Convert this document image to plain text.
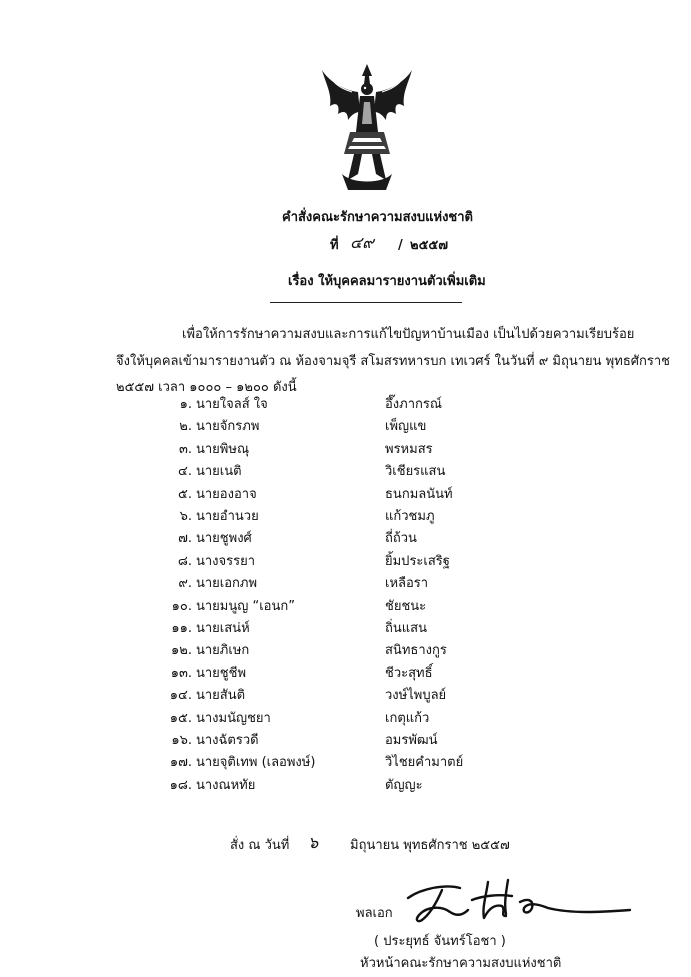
คำสั่งคณะรักษาความสงบแห่งชาติ
ที่ ๔๙ / ๒๕๕๗
เรื่อง ให้บุคคลมารายงานตัวเพิ่มเติม
เพื่อให้การรักษาความสงบและการแก้ไขปัญหาบ้านเมือง เป็นไปด้วยความเรียบร้อย
จึงให้บุคคลเข้ามารายงานตัว ณ ห้องจามจุรี สโมสรทหารบก เทเวศร์ ในวันที่ ๙ มิถุนายน พุทธศักราช
๒๕๕๗ เวลา ๑๐๐๐ – ๑๒๐๐ ดังนี้
๑. นายใจลส์ ใจ	อึ๊งภากรณ์
๒. นายจักรภพ	เพ็ญแข
๓. นายพิษณุ	พรหมสร
๔. นายเนติ	วิเชียรแสน
๕. นายองอาจ	ธนกมลนันท์
๖. นายอำนวย	แก้วชมภู
๗. นายชูพงศ์	ถี่ถ้วน
๘. นางจรรยา	ยิ้มประเสริฐ
๙. นายเอกภพ	เหลือรา
๑๐. นายมนูญ “เอนก”	ชัยชนะ
๑๑. นายเสน่ห์	ถิ่นแสน
๑๒. นายภิเษก	สนิทธางกูร
๑๓. นายชูชีพ	ชีวะสุทธิ์
๑๔. นายสันติ	วงษ์ไพบูลย์
๑๕. นางมนัญชยา	เกตุแก้ว
๑๖. นางฉัตรวดี	อมรพัฒน์
๑๗. นายจุติเทพ (เลอพงษ์)	วิไชยคำมาตย์
๑๘. นางณหทัย	ตัญญะ
สั่ง ณ วันที่ ๖ มิถุนายน พุทธศักราช ๒๕๕๗
พลเอก
( ประยุทธ์ จันทร์โอชา )
หัวหน้าคณะรักษาความสงบแห่งชาติ
